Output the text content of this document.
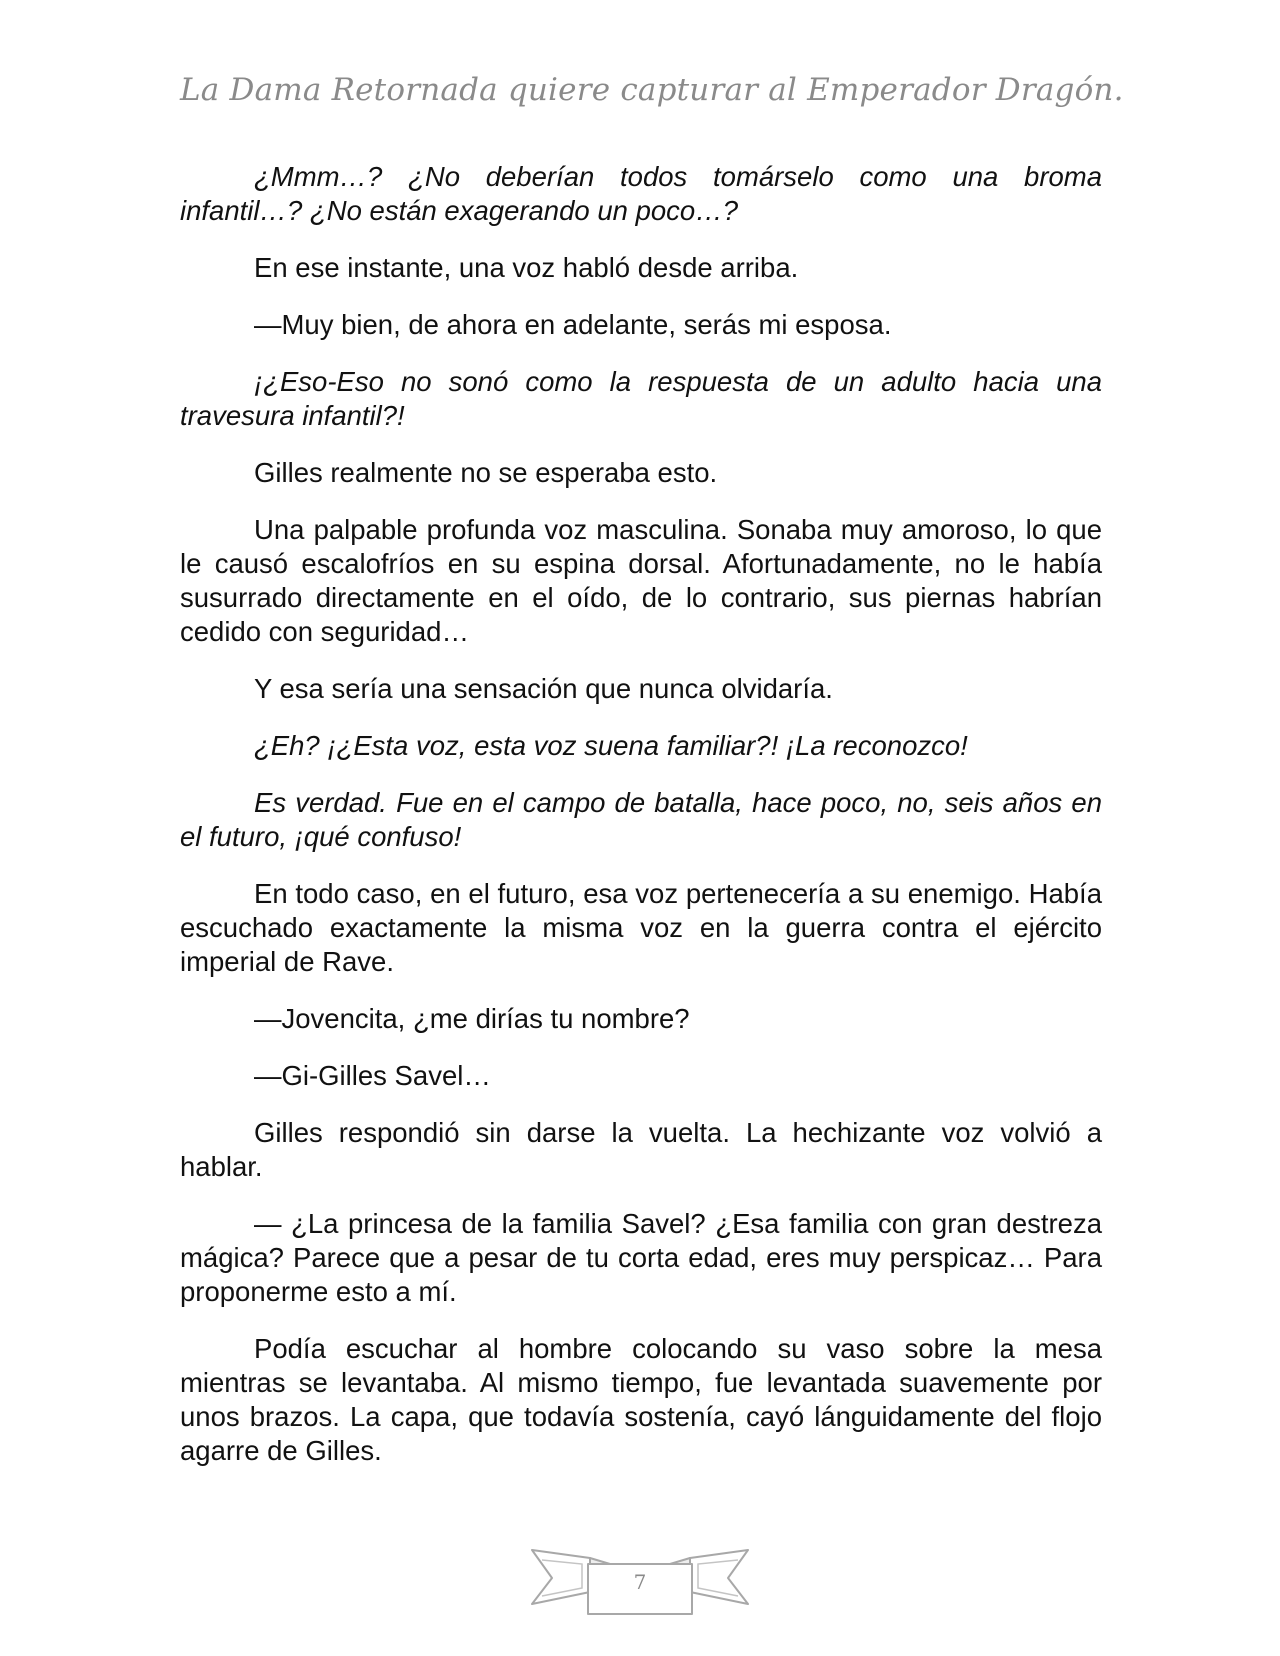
La Dama Retornada quiere capturar al Emperador Dragón.

¿Mmm…? ¿No deberían todos tomárselo como una broma infantil…? ¿No están exagerando un poco…?

En ese instante, una voz habló desde arriba.

—Muy bien, de ahora en adelante, serás mi esposa.

¡¿Eso-Eso no sonó como la respuesta de un adulto hacia una travesura infantil?!

Gilles realmente no se esperaba esto.

Una palpable profunda voz masculina. Sonaba muy amoroso, lo que le causó escalofríos en su espina dorsal. Afortunadamente, no le había susurrado directamente en el oído, de lo contrario, sus piernas habrían cedido con seguridad…

Y esa sería una sensación que nunca olvidaría.

¿Eh? ¡¿Esta voz, esta voz suena familiar?! ¡La reconozco!

Es verdad. Fue en el campo de batalla, hace poco, no, seis años en el futuro, ¡qué confuso!

En todo caso, en el futuro, esa voz pertenecería a su enemigo. Había escuchado exactamente la misma voz en la guerra contra el ejército imperial de Rave.

—Jovencita, ¿me dirías tu nombre?

—Gi-Gilles Savel…

Gilles respondió sin darse la vuelta. La hechizante voz volvió a hablar.

— ¿La princesa de la familia Savel? ¿Esa familia con gran destreza mágica? Parece que a pesar de tu corta edad, eres muy perspicaz… Para proponerme esto a mí.

Podía escuchar al hombre colocando su vaso sobre la mesa mientras se levantaba. Al mismo tiempo, fue levantada suavemente por unos brazos. La capa, que todavía sostenía, cayó lánguidamente del flojo agarre de Gilles.

7
